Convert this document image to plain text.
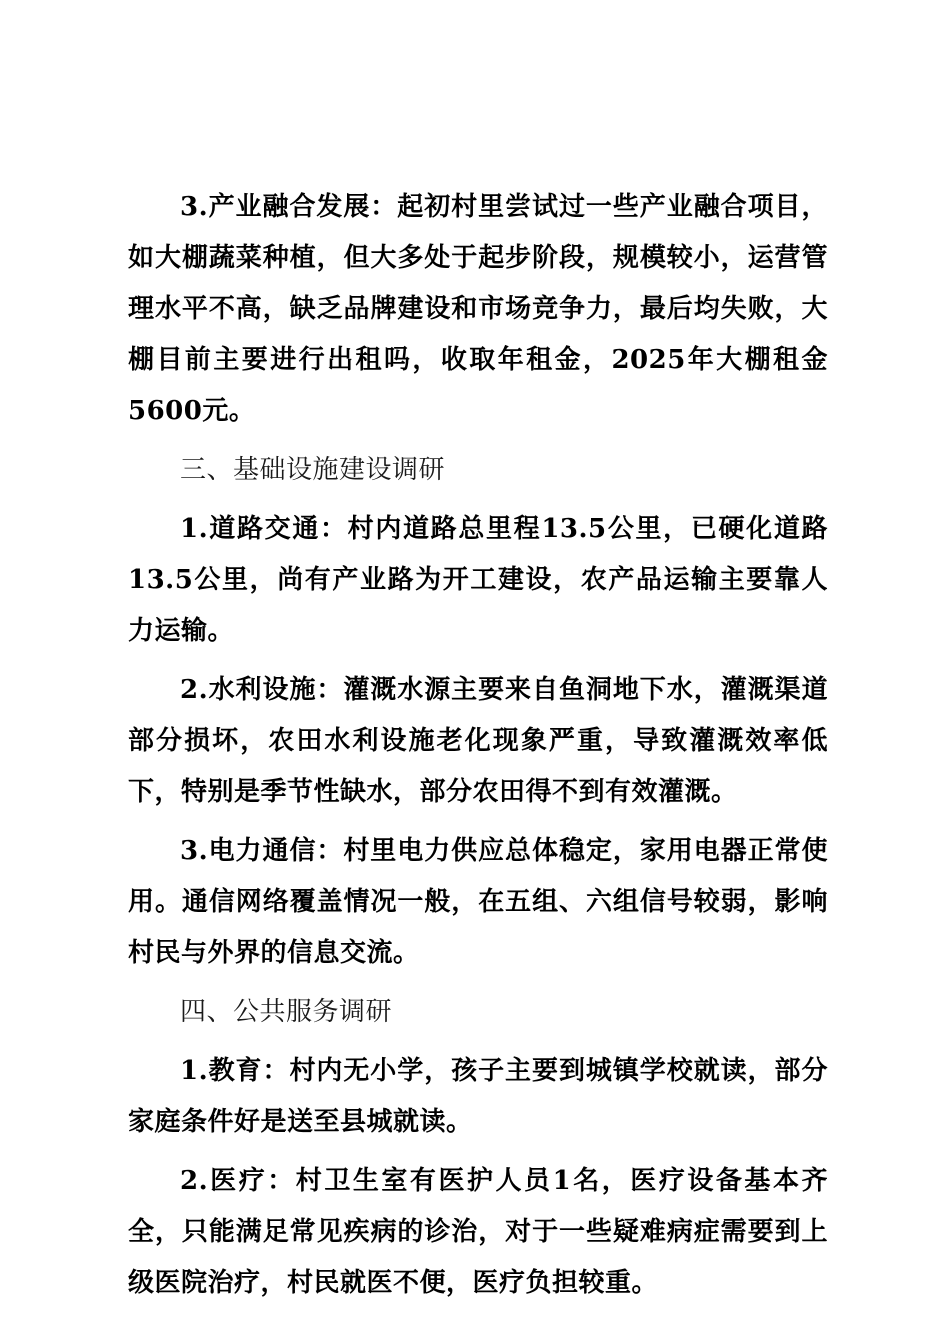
3.产业融合发展：起初村里尝试过一些产业融合项目，如大棚蔬菜种植，但大多处于起步阶段，规模较小，运营管理水平不高，缺乏品牌建设和市场竞争力，最后均失败，大棚目前主要进行出租吗，收取年租金，2025年大棚租金5600元。

三、基础设施建设调研

1.道路交通：村内道路总里程13.5公里，已硬化道路13.5公里，尚有产业路为开工建设，农产品运输主要靠人力运输。

2.水利设施：灌溉水源主要来自鱼洞地下水，灌溉渠道部分损坏，农田水利设施老化现象严重，导致灌溉效率低下，特别是季节性缺水，部分农田得不到有效灌溉。

3.电力通信：村里电力供应总体稳定，家用电器正常使用。通信网络覆盖情况一般，在五组、六组信号较弱，影响村民与外界的信息交流。

四、公共服务调研

1.教育：村内无小学，孩子主要到城镇学校就读，部分家庭条件好是送至县城就读。

2.医疗：村卫生室有医护人员1名，医疗设备基本齐全，只能满足常见疾病的诊治，对于一些疑难病症需要到上级医院治疗，村民就医不便，医疗负担较重。
